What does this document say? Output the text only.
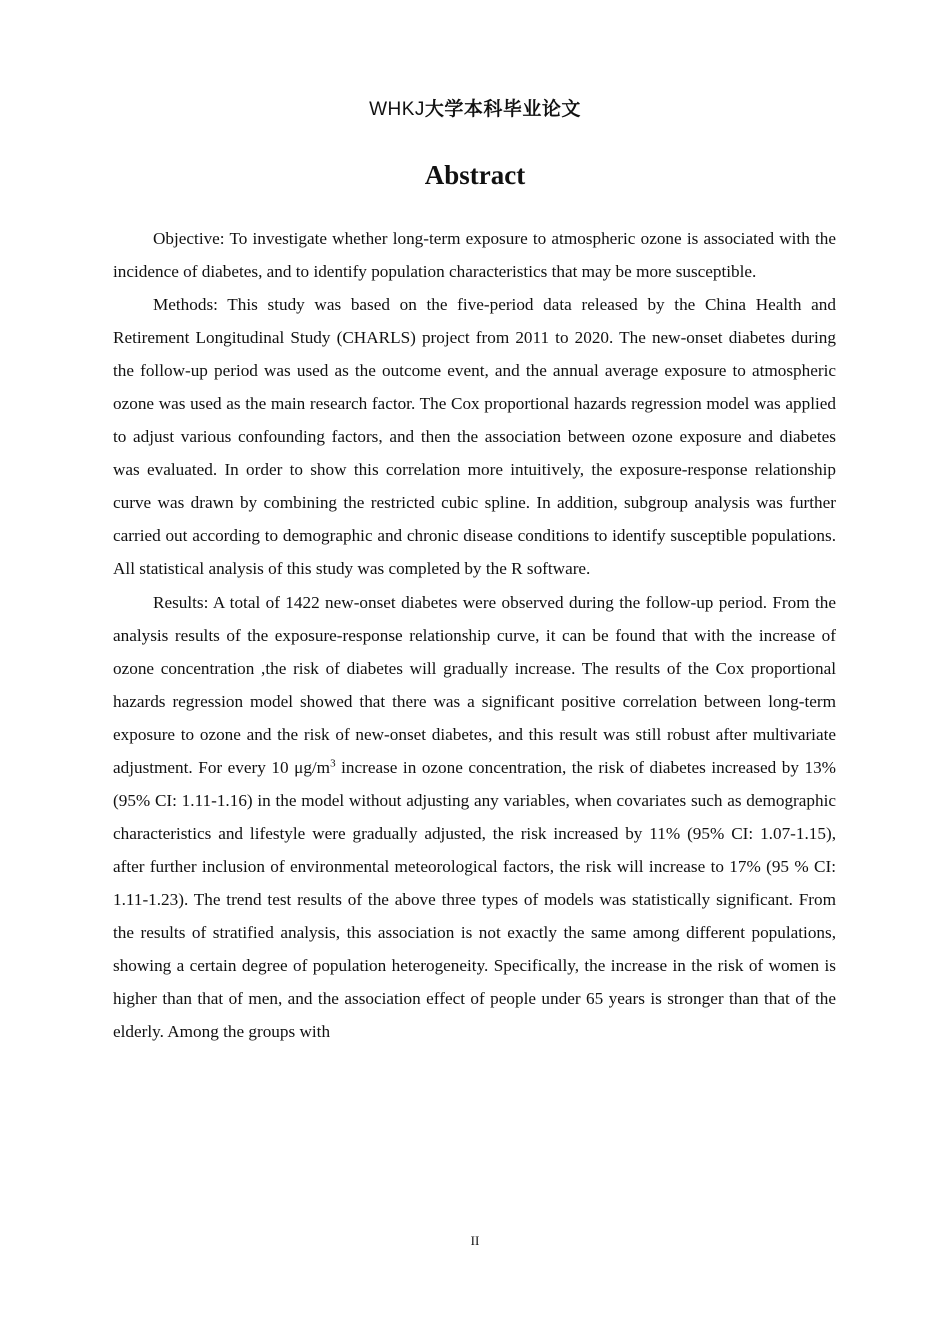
WHKJ大学本科毕业论文
Abstract

Objective: To investigate whether long-term exposure to atmospheric ozone is associated with the incidence of diabetes, and to identify population characteristics that may be more susceptible.

Methods: This study was based on the five-period data released by the China Health and Retirement Longitudinal Study (CHARLS) project from 2011 to 2020. The new-onset diabetes during the follow-up period was used as the outcome event, and the annual average exposure to atmospheric ozone was used as the main research factor. The Cox proportional hazards regression model was applied to adjust various confounding factors, and then the association between ozone exposure and diabetes was evaluated. In order to show this correlation more intuitively, the exposure-response relationship curve was drawn by combining the restricted cubic spline. In addition, subgroup analysis was further carried out according to demographic and chronic disease conditions to identify susceptible populations. All statistical analysis of this study was completed by the R software.

Results: A total of 1422 new-onset diabetes were observed during the follow-up period. From the analysis results of the exposure-response relationship curve, it can be found that with the increase of ozone concentration ,the risk of diabetes will gradually increase. The results of the Cox proportional hazards regression model showed that there was a significant positive correlation between long-term exposure to ozone and the risk of new-onset diabetes, and this result was still robust after multivariate adjustment. For every 10 $\mu g/m^3$ increase in ozone concentration, the risk of diabetes increased by 13% (95% CI: 1.11-1.16) in the model without adjusting any variables, when covariates such as demographic characteristics and lifestyle were gradually adjusted, the risk increased by 11% (95% CI: 1.07-1.15), after further inclusion of environmental meteorological factors, the risk will increase to 17% (95 % CI: 1.11-1.23). The trend test results of the above three types of models was statistically significant. From the results of stratified analysis, this association is not exactly the same among different populations, showing a certain degree of population heterogeneity. Specifically, the increase in the risk of women is higher than that of men, and the association effect of people under 65 years is stronger than that of the elderly. Among the groups with

II
